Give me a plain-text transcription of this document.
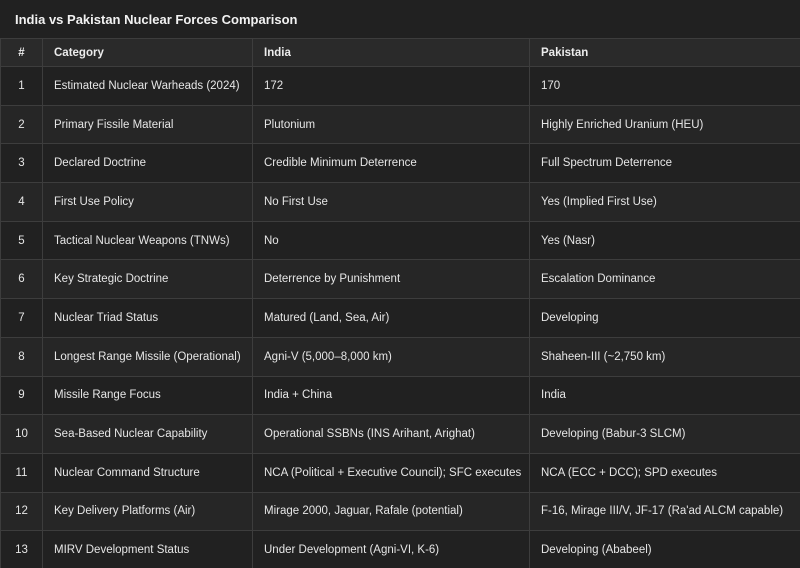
India vs Pakistan Nuclear Forces Comparison
#	Category	India	Pakistan
1	Estimated Nuclear Warheads (2024)	172	170
2	Primary Fissile Material	Plutonium	Highly Enriched Uranium (HEU)
3	Declared Doctrine	Credible Minimum Deterrence	Full Spectrum Deterrence
4	First Use Policy	No First Use	Yes (Implied First Use)
5	Tactical Nuclear Weapons (TNWs)	No	Yes (Nasr)
6	Key Strategic Doctrine	Deterrence by Punishment	Escalation Dominance
7	Nuclear Triad Status	Matured (Land, Sea, Air)	Developing
8	Longest Range Missile (Operational)	Agni-V (5,000–8,000 km)	Shaheen-III (~2,750 km)
9	Missile Range Focus	India + China	India
10	Sea-Based Nuclear Capability	Operational SSBNs (INS Arihant, Arighat)	Developing (Babur-3 SLCM)
11	Nuclear Command Structure	NCA (Political + Executive Council); SFC executes	NCA (ECC + DCC); SPD executes
12	Key Delivery Platforms (Air)	Mirage 2000, Jaguar, Rafale (potential)	F-16, Mirage III/V, JF-17 (Ra'ad ALCM capable)
13	MIRV Development Status	Under Development (Agni-VI, K-6)	Developing (Ababeel)
